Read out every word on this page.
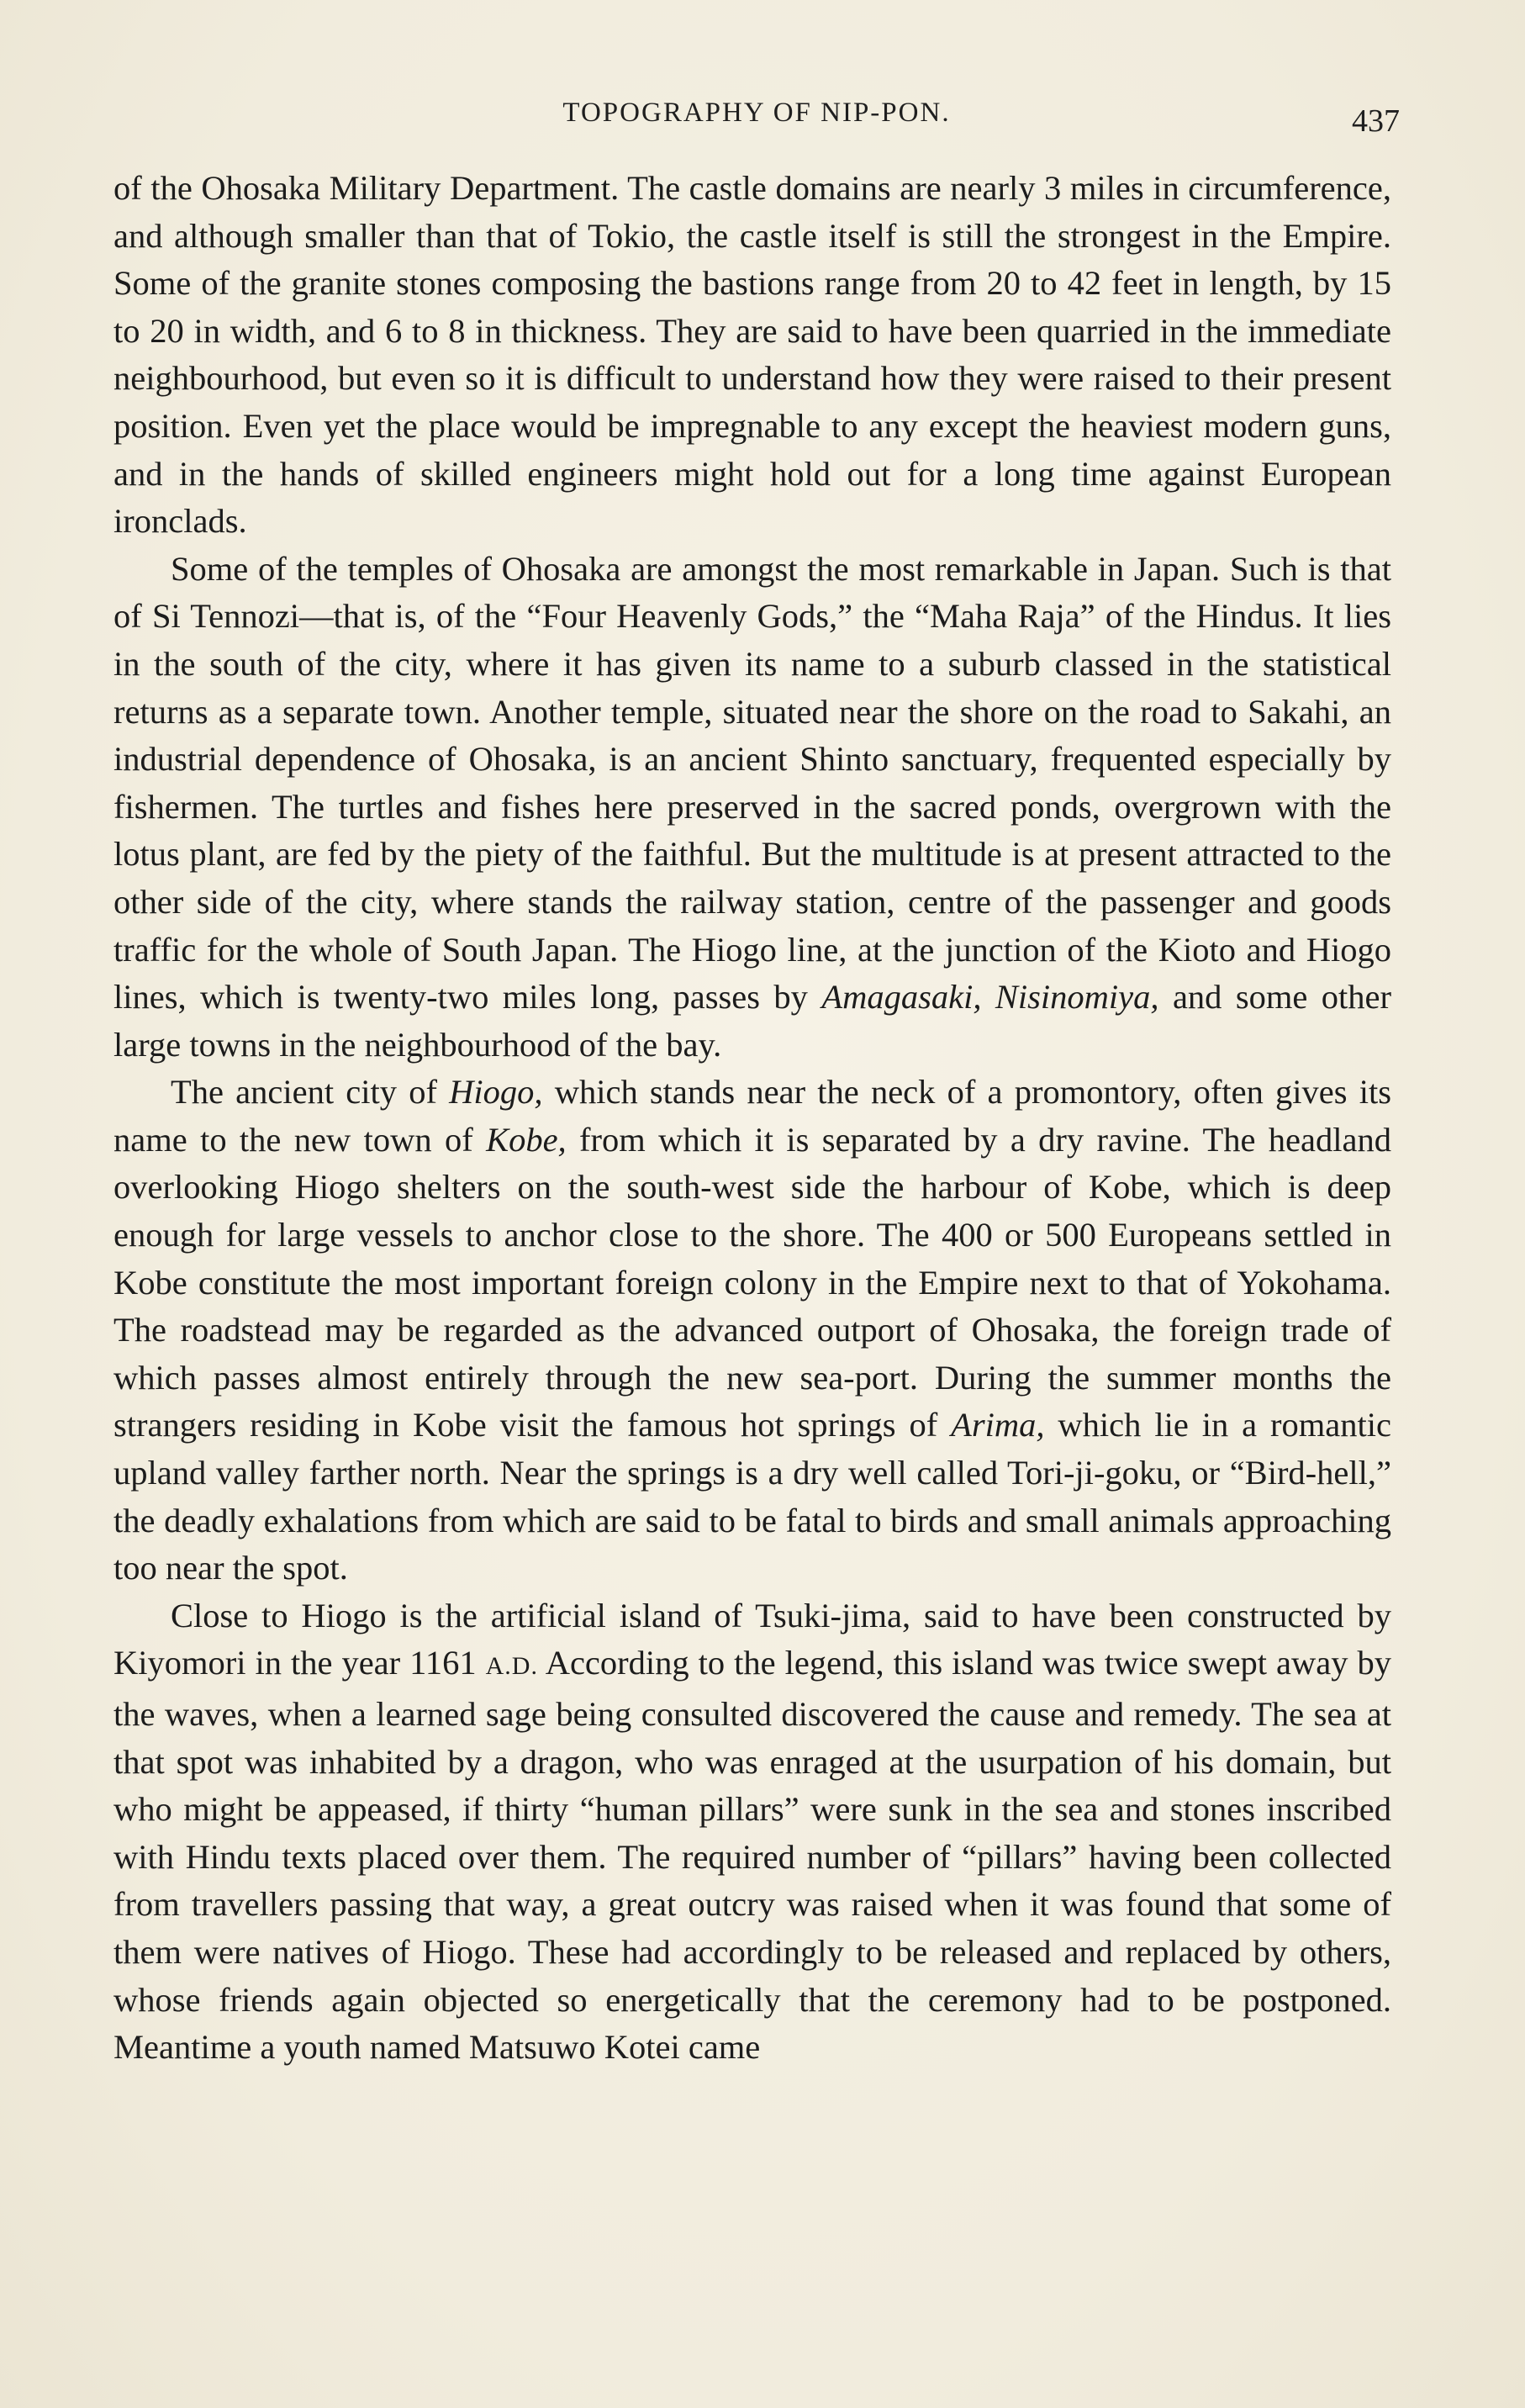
TOPOGRAPHY OF NIP-PON.	437

of the Ohosaka Military Department. The castle domains are nearly 3 miles in circumference, and although smaller than that of Tokio, the castle itself is still the strongest in the Empire. Some of the granite stones composing the bastions range from 20 to 42 feet in length, by 15 to 20 in width, and 6 to 8 in thickness. They are said to have been quarried in the immediate neighbourhood, but even so it is difficult to understand how they were raised to their present position. Even yet the place would be impregnable to any except the heaviest modern guns, and in the hands of skilled engineers might hold out for a long time against European ironclads.

Some of the temples of Ohosaka are amongst the most remarkable in Japan. Such is that of Si Tennozi—that is, of the “Four Heavenly Gods,” the “Maha Raja” of the Hindus. It lies in the south of the city, where it has given its name to a suburb classed in the statistical returns as a separate town. Another temple, situated near the shore on the road to Sakahi, an industrial dependence of Ohosaka, is an ancient Shinto sanctuary, frequented especially by fishermen. The turtles and fishes here preserved in the sacred ponds, overgrown with the lotus plant, are fed by the piety of the faithful. But the multitude is at present attracted to the other side of the city, where stands the railway station, centre of the passenger and goods traffic for the whole of South Japan. The Hiogo line, at the junction of the Kioto and Hiogo lines, which is twenty-two miles long, passes by Amagasaki, Nisinomiya, and some other large towns in the neighbourhood of the bay.

The ancient city of Hiogo, which stands near the neck of a promontory, often gives its name to the new town of Kobe, from which it is separated by a dry ravine. The headland overlooking Hiogo shelters on the south-west side the harbour of Kobe, which is deep enough for large vessels to anchor close to the shore. The 400 or 500 Europeans settled in Kobe constitute the most important foreign colony in the Empire next to that of Yokohama. The roadstead may be regarded as the advanced outport of Ohosaka, the foreign trade of which passes almost entirely through the new sea-port. During the summer months the strangers residing in Kobe visit the famous hot springs of Arima, which lie in a romantic upland valley farther north. Near the springs is a dry well called Tori-ji-goku, or “Bird-hell,” the deadly exhalations from which are said to be fatal to birds and small animals approaching too near the spot.

Close to Hiogo is the artificial island of Tsuki-jima, said to have been constructed by Kiyomori in the year 1161 A.D. According to the legend, this island was twice swept away by the waves, when a learned sage being consulted discovered the cause and remedy. The sea at that spot was inhabited by a dragon, who was enraged at the usurpation of his domain, but who might be appeased, if thirty “human pillars” were sunk in the sea and stones inscribed with Hindu texts placed over them. The required number of “pillars” having been collected from travellers passing that way, a great outcry was raised when it was found that some of them were natives of Hiogo. These had accordingly to be released and replaced by others, whose friends again objected so energetically that the ceremony had to be postponed. Meantime a youth named Matsuwo Kotei came
